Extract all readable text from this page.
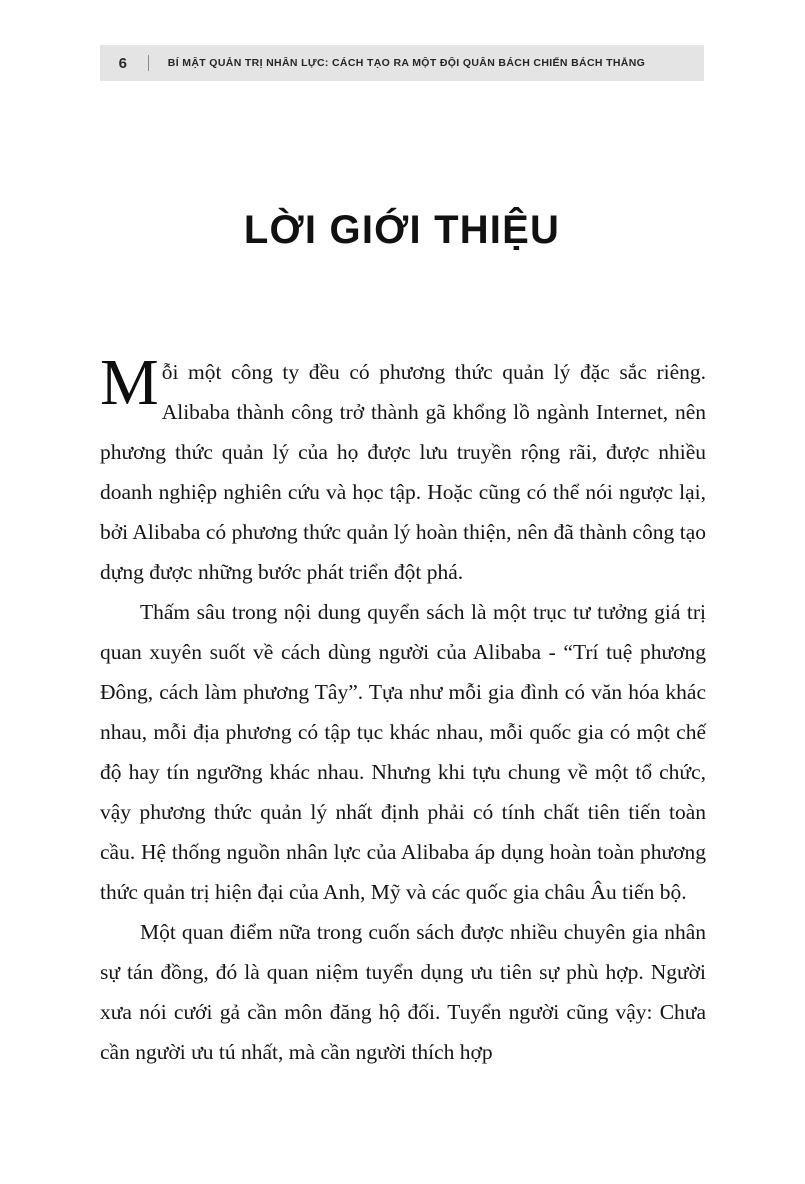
6	BÍ MẬT QUẢN TRỊ NHÂN LỰC: CÁCH TẠO RA MỘT ĐỘI QUÂN BÁCH CHIẾN BÁCH THẮNG
LỜI GIỚI THIỆU

Mỗi một công ty đều có phương thức quản lý đặc sắc riêng. Alibaba thành công trở thành gã khổng lồ ngành Internet, nên phương thức quản lý của họ được lưu truyền rộng rãi, được nhiều doanh nghiệp nghiên cứu và học tập. Hoặc cũng có thể nói ngược lại, bởi Alibaba có phương thức quản lý hoàn thiện, nên đã thành công tạo dựng được những bước phát triển đột phá.

Thấm sâu trong nội dung quyển sách là một trục tư tưởng giá trị quan xuyên suốt về cách dùng người của Alibaba - “Trí tuệ phương Đông, cách làm phương Tây”. Tựa như mỗi gia đình có văn hóa khác nhau, mỗi địa phương có tập tục khác nhau, mỗi quốc gia có một chế độ hay tín ngưỡng khác nhau. Nhưng khi tựu chung về một tổ chức, vậy phương thức quản lý nhất định phải có tính chất tiên tiến toàn cầu. Hệ thống nguồn nhân lực của Alibaba áp dụng hoàn toàn phương thức quản trị hiện đại của Anh, Mỹ và các quốc gia châu Âu tiến bộ.

Một quan điểm nữa trong cuốn sách được nhiều chuyên gia nhân sự tán đồng, đó là quan niệm tuyển dụng ưu tiên sự phù hợp. Người xưa nói cưới gả cần môn đăng hộ đối. Tuyển người cũng vậy: Chưa cần người ưu tú nhất, mà cần người thích hợp
